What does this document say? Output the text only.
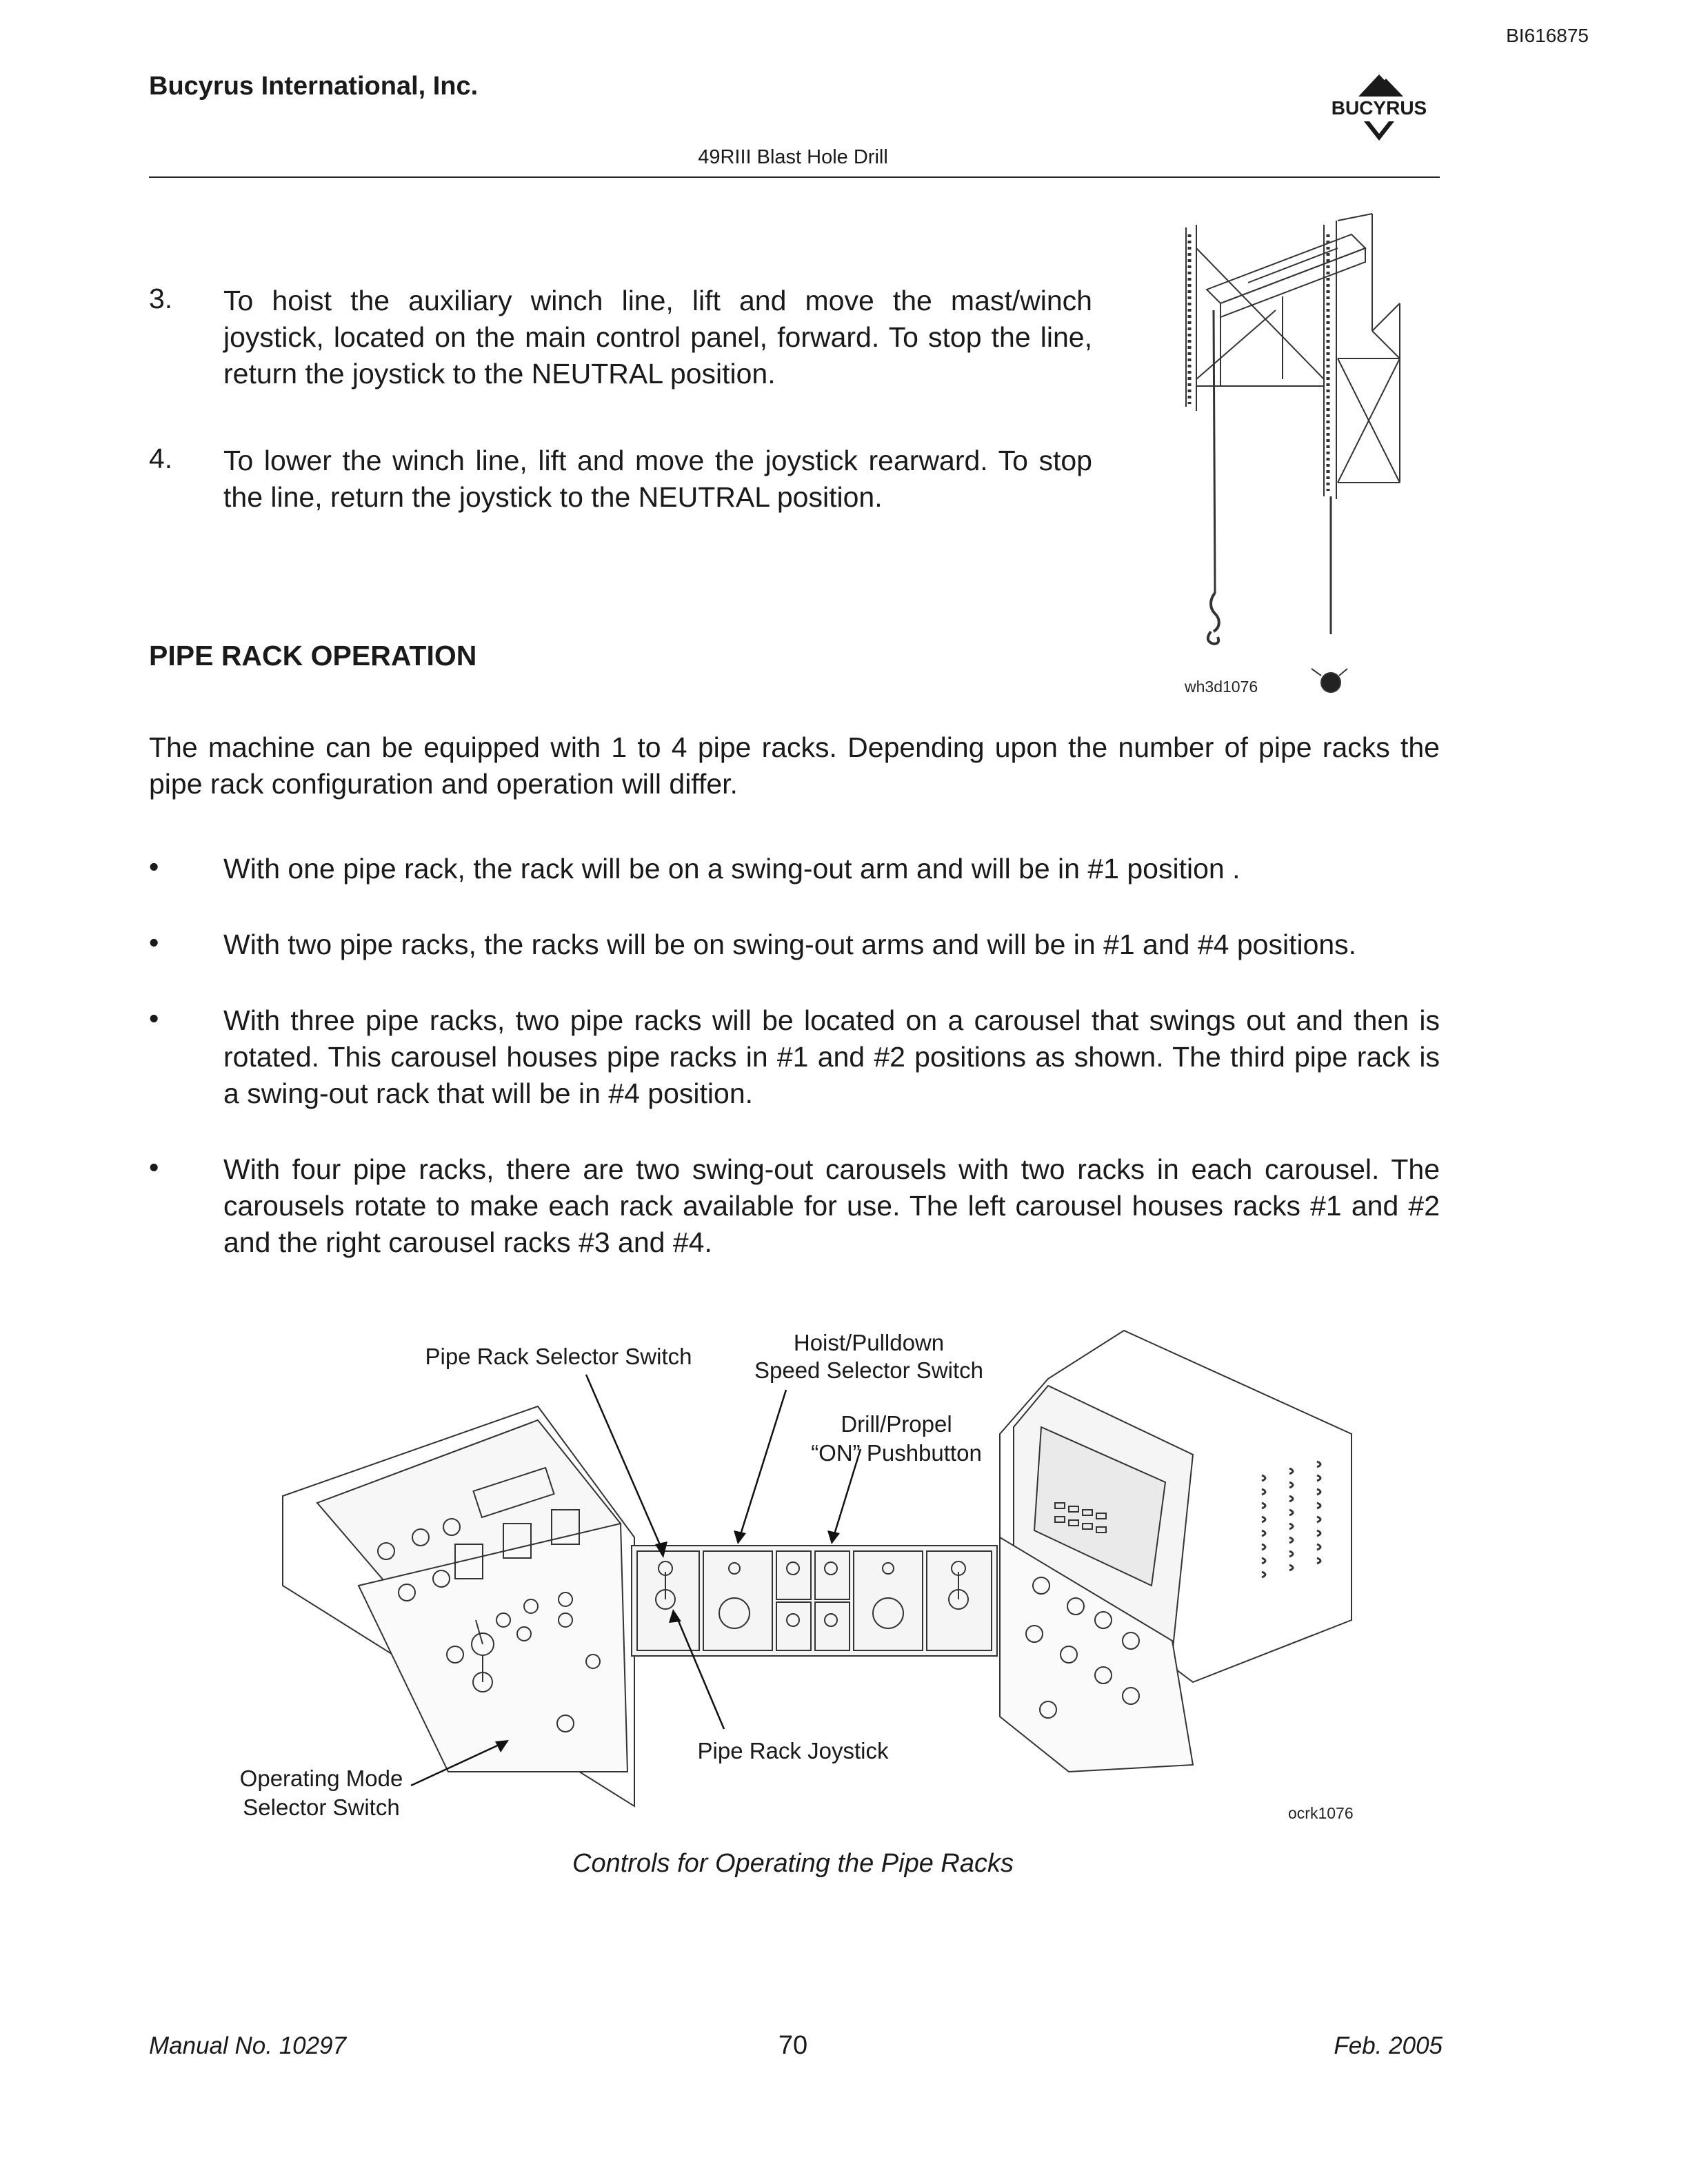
BI616875
Bucyrus International, Inc.
BUCYRUS
49RIII Blast Hole Drill
3. To hoist the auxiliary winch line, lift and move the mast/winch joystick, located on the main control panel, forward. To stop the line, return the joystick to the NEUTRAL position.
4. To lower the winch line, lift and move the joystick rearward. To stop the line, return the joystick to the NEUTRAL position.
wh3d1076
PIPE RACK OPERATION
The machine can be equipped with 1 to 4 pipe racks. Depending upon the number of pipe racks the pipe rack configuration and operation will differ.
• With one pipe rack, the rack will be on a swing-out arm and will be in #1 position .
• With two pipe racks, the racks will be on swing-out arms and will be in #1 and #4 positions.
• With three pipe racks, two pipe racks will be located on a carousel that swings out and then is rotated. This carousel houses pipe racks in #1 and #2 positions as shown. The third pipe rack is a swing-out rack that will be in #4 position.
• With four pipe racks, there are two swing-out carousels with two racks in each carousel. The carousels rotate to make each rack available for use. The left carousel houses racks #1 and #2 and the right carousel racks #3 and #4.
ocrk1076
Pipe Rack Selector Switch
Hoist/Pulldown
Speed Selector Switch
Drill/Propel
“ON” Pushbutton
Pipe Rack Joystick
Operating Mode
Selector Switch
Controls for Operating the Pipe Racks
Manual No. 10297	70	Feb. 2005
